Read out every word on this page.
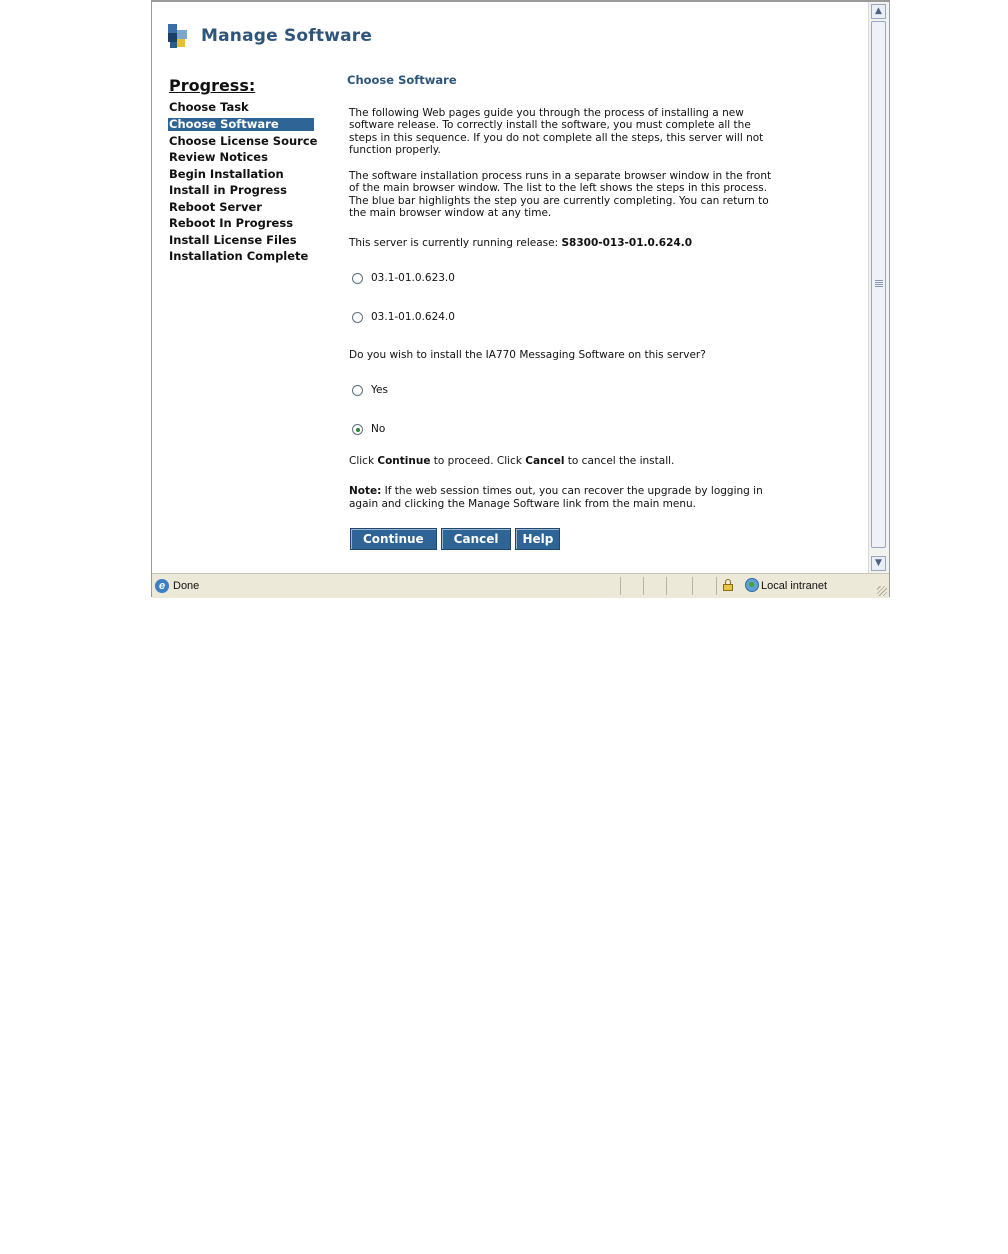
Manage Software
Progress:
Choose Task
Choose Software
Choose License Source
Review Notices
Begin Installation
Install in Progress
Reboot Server
Reboot In Progress
Install License Files
Installation Complete
Choose Software

The following Web pages guide you through the process of installing a new software release. To correctly install the software, you must complete all the steps in this sequence. If you do not complete all the steps, this server will not function properly.

The software installation process runs in a separate browser window in the front of the main browser window. The list to the left shows the steps in this process. The blue bar highlights the step you are currently completing. You can return to the main browser window at any time.

This server is currently running release: S8300-013-01.0.624.0

03.1-01.0.623.0
03.1-01.0.624.0

Do you wish to install the IA770 Messaging Software on this server?

Yes
No

Click Continue to proceed. Click Cancel to cancel the install.

Note: If the web session times out, you can recover the upgrade by logging in again and clicking the Manage Software link from the main menu.

Continue	Cancel	Help
▲
▼
e Done	Local intranet
